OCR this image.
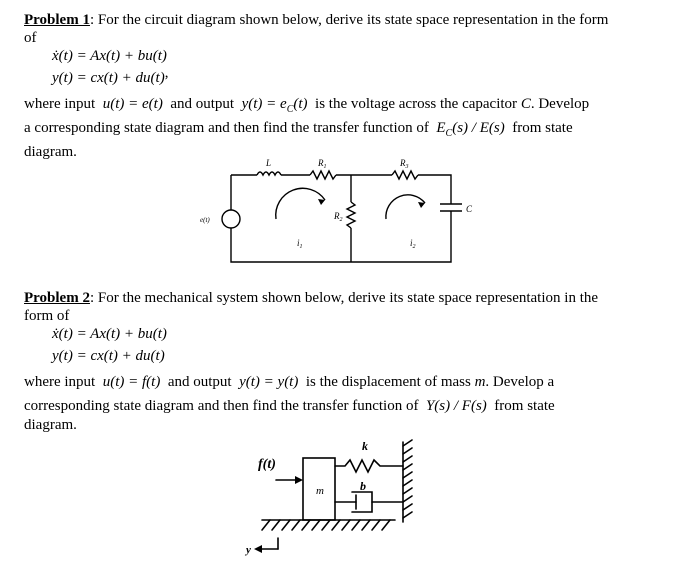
Problem 1: For the circuit diagram shown below, derive its state space representation in the form
of
ẋ(t) = Ax(t) + bu(t)
y(t) = cx(t) + du(t),
where input u(t) = e(t) and output $y(t) = e_C(t)$ is the voltage across the capacitor C. Develop
a corresponding state diagram and then find the transfer function of $E_C(s) / E(s)$ from state
diagram.
L	$R_1$	$R_3$
$R_2$
e(t)
$i_1$	$i_2$
C
Problem 2: For the mechanical system shown below, derive its state space representation in the
form of
ẋ(t) = Ax(t) + bu(t)
y(t) = cx(t) + du(t)
where input u(t) = f(t) and output y(t) = y(t) is the displacement of mass m. Develop a
corresponding state diagram and then find the transfer function of Y(s) / F(s) from state
diagram.
f(t)
m
k
b
y
